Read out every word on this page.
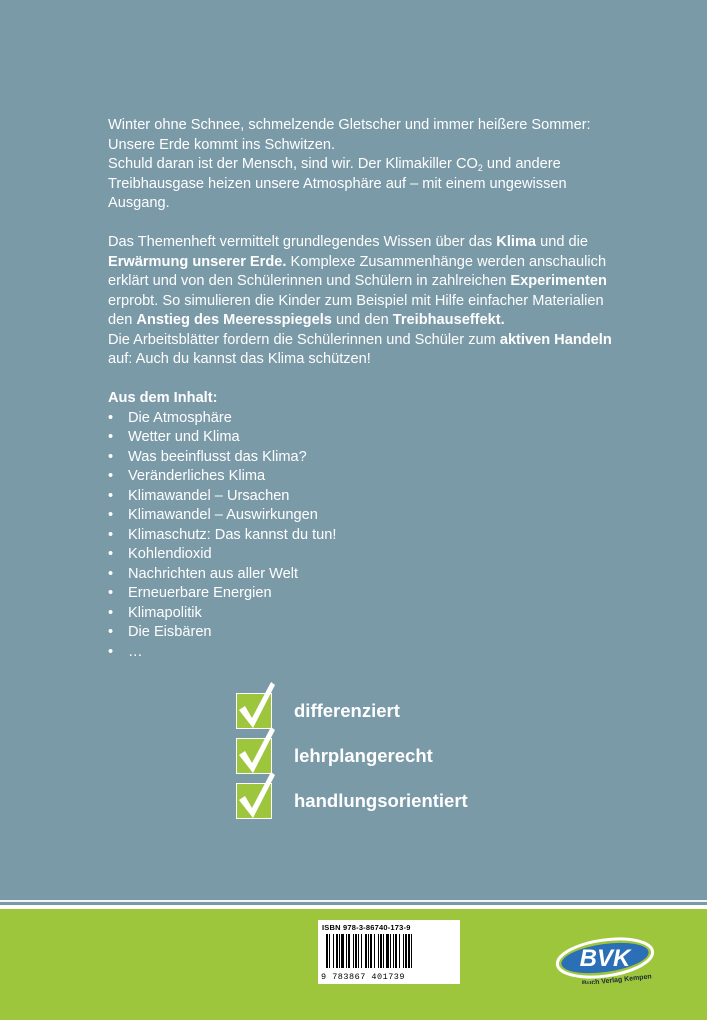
Winter ohne Schnee, schmelzende Gletscher und immer heißere Sommer:
Unsere Erde kommt ins Schwitzen.
Schuld daran ist der Mensch, sind wir. Der Klimakiller $CO_2$ und andere
Treibhausgase heizen unsere Atmosphäre auf – mit einem ungewissen
Ausgang.

Das Themenheft vermittelt grundlegendes Wissen über das Klima und die Erwärmung unserer Erde. Komplexe Zusammenhänge werden anschaulich erklärt und von den Schülerinnen und Schülern in zahlreichen Experimenten erprobt. So simulieren die Kinder zum Beispiel mit Hilfe einfacher Materialien den Anstieg des Meeresspiegels und den Treibhauseffekt.
Die Arbeitsblätter fordern die Schülerinnen und Schüler zum aktiven Handeln auf: Auch du kannst das Klima schützen!

Aus dem Inhalt:
• Die Atmosphäre
• Wetter und Klima
• Was beeinflusst das Klima?
• Veränderliches Klima
• Klimawandel – Ursachen
• Klimawandel – Auswirkungen
• Klimaschutz: Das kannst du tun!
• Kohlendioxid
• Nachrichten aus aller Welt
• Erneuerbare Energien
• Klimapolitik
• Die Eisbären
• …
differenziert
lehrplangerecht
handlungsorientiert
ISBN 978-3-86740-173-9
9 783867 401739
BVK
Buch Verlag Kempen
